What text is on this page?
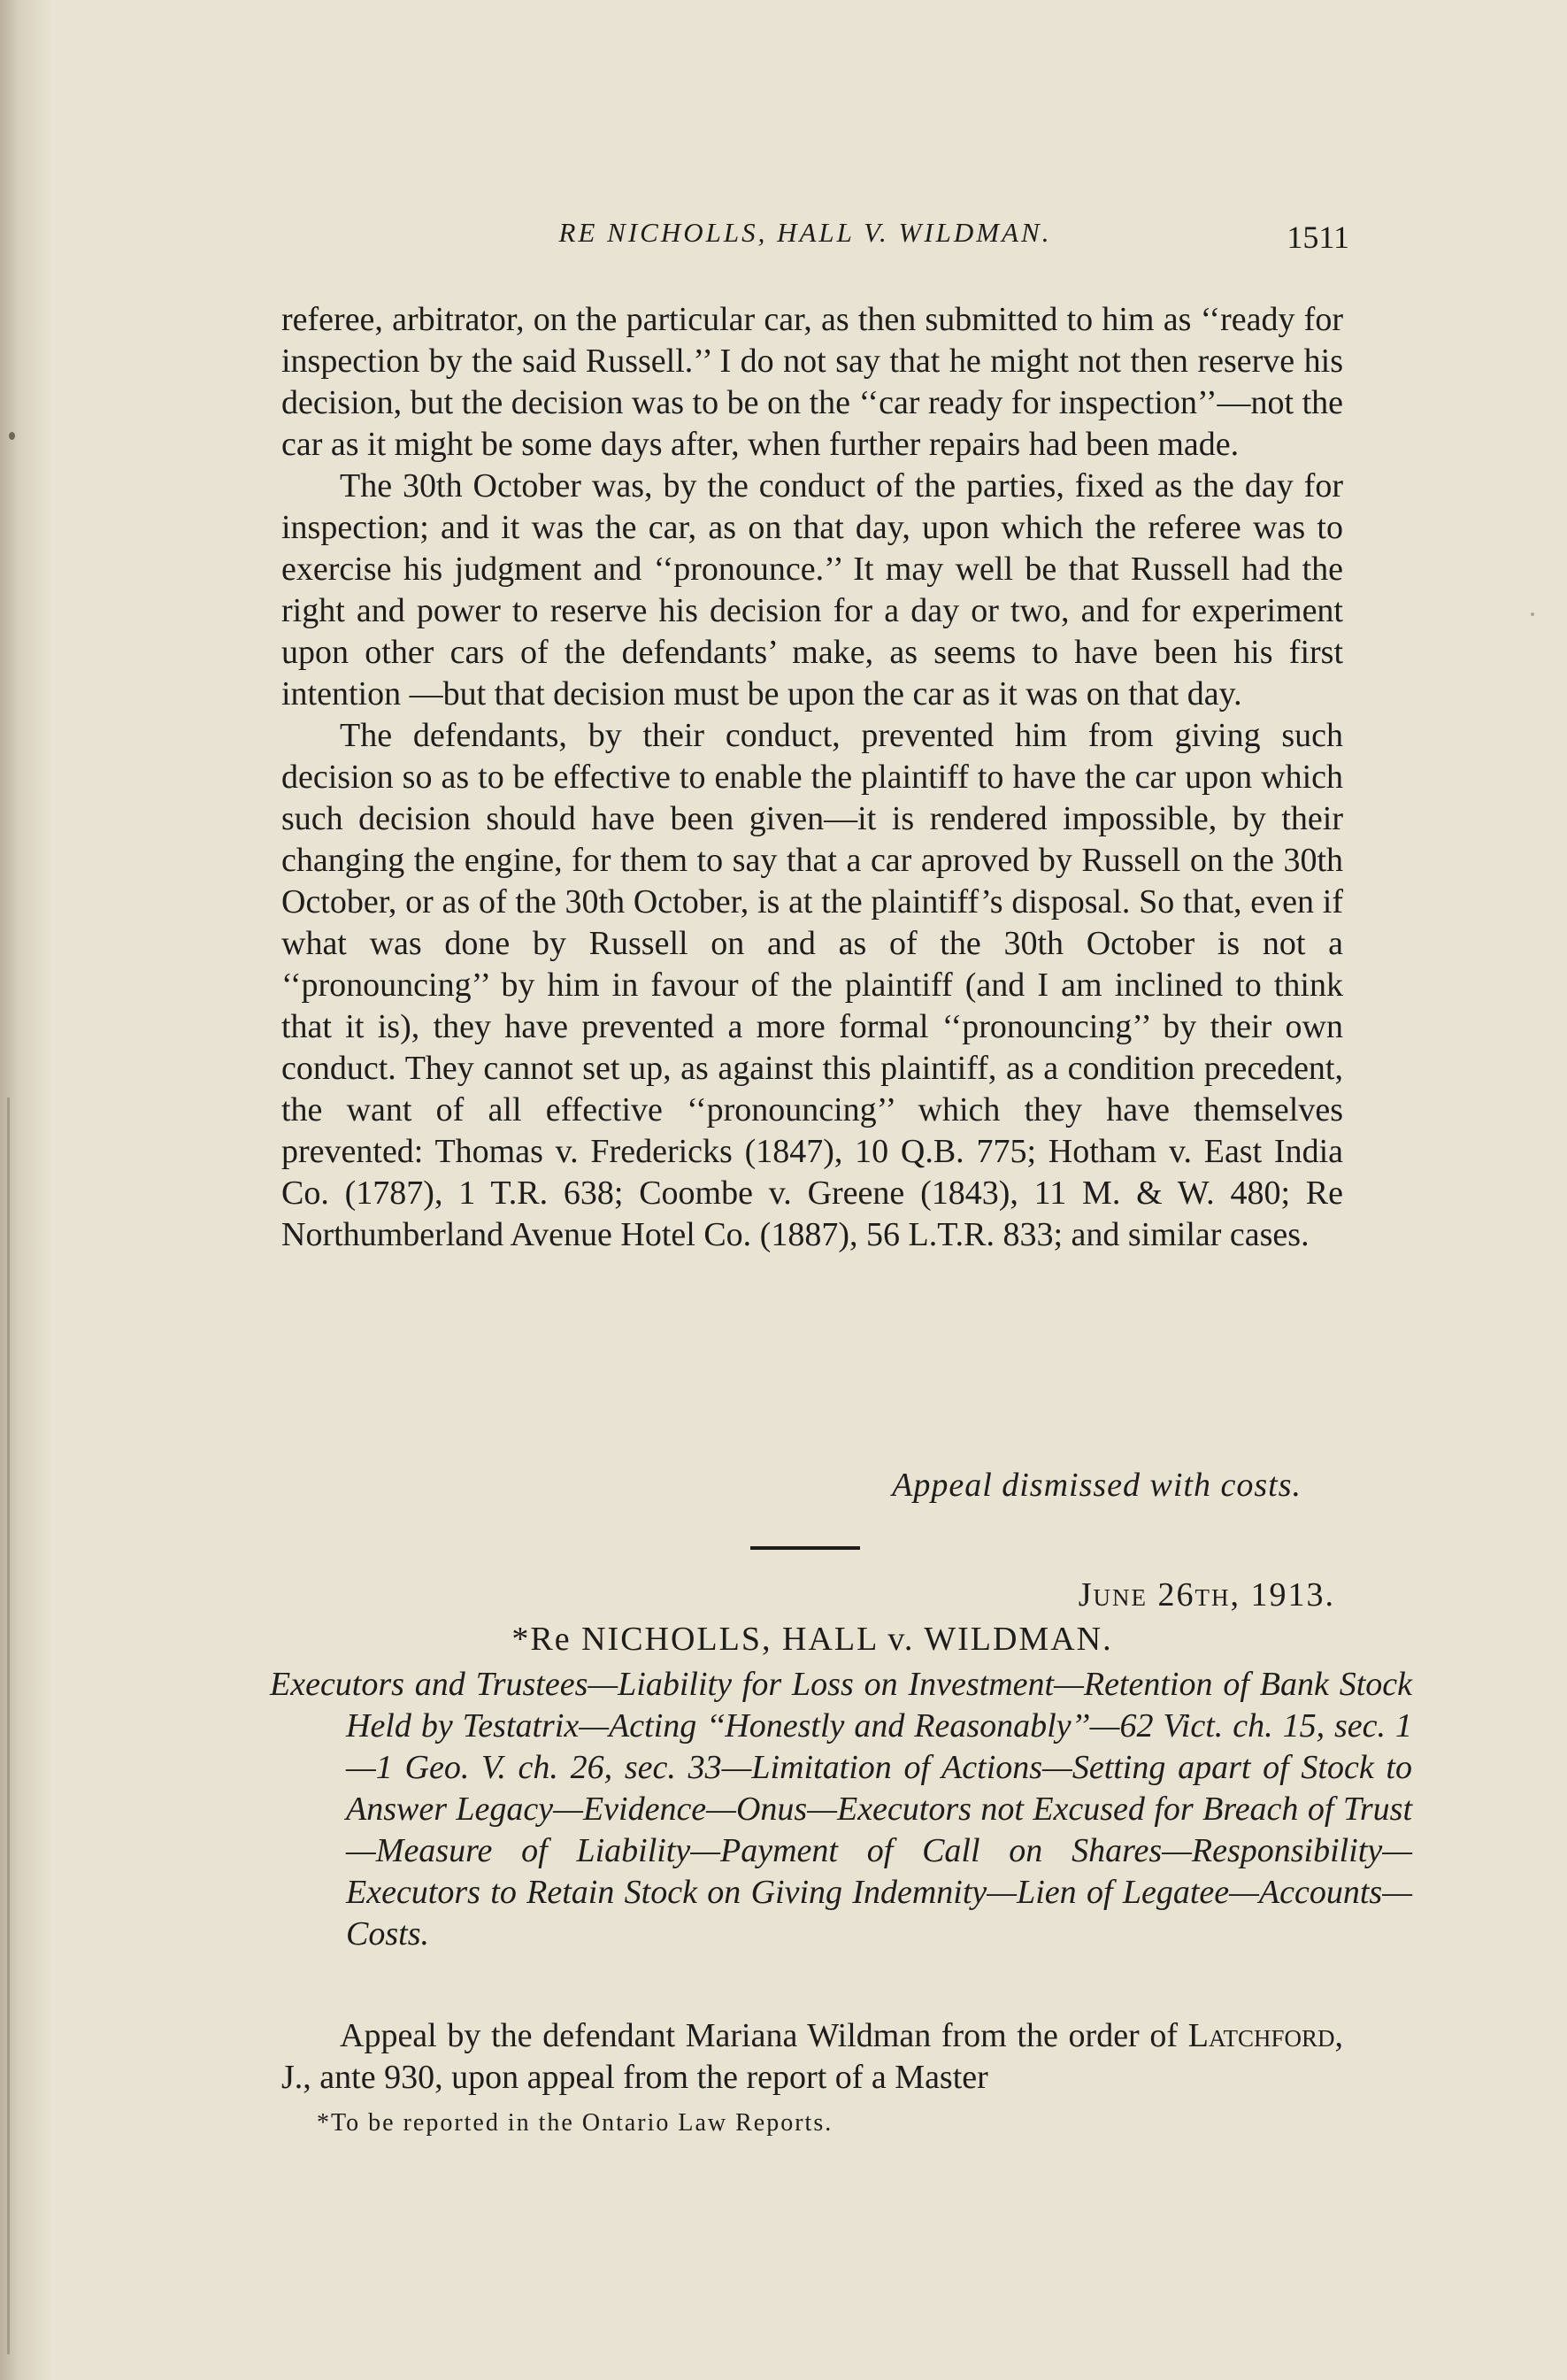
RE NICHOLLS, HALL V. WILDMAN.	1511

referee, arbitrator, on the particular car, as then submitted to him as ‘‘ready for inspection by the said Russell.’’ I do not say that he might not then reserve his decision, but the decision was to be on the ‘‘car ready for inspection’’—not the car as it might be some days after, when further repairs had been made.

The 30th October was, by the conduct of the parties, fixed as the day for inspection; and it was the car, as on that day, upon which the referee was to exercise his judgment and ‘‘pronounce.’’ It may well be that Russell had the right and power to reserve his decision for a day or two, and for experiment upon other cars of the defendants’ make, as seems to have been his first intention —but that decision must be upon the car as it was on that day.

The defendants, by their conduct, prevented him from giving such decision so as to be effective to enable the plaintiff to have the car upon which such decision should have been given—it is rendered impossible, by their changing the engine, for them to say that a car aproved by Russell on the 30th October, or as of the 30th October, is at the plaintiff’s disposal. So that, even if what was done by Russell on and as of the 30th October is not a ‘‘pronouncing’’ by him in favour of the plaintiff (and I am inclined to think that it is), they have prevented a more formal ‘‘pronouncing’’ by their own conduct. They cannot set up, as against this plaintiff, as a condition precedent, the want of all effective ‘‘pronouncing’’ which they have themselves prevented: Thomas v. Fredericks (1847), 10 Q.B. 775; Hotham v. East India Co. (1787), 1 T.R. 638; Coombe v. Greene (1843), 11 M. & W. 480; Re Northumberland Avenue Hotel Co. (1887), 56 L.T.R. 833; and similar cases.

Appeal dismissed with costs.
June 26th, 1913.
*Re NICHOLLS, HALL v. WILDMAN.
Executors and Trustees—Liability for Loss on Investment—Retention of Bank Stock Held by Testatrix—Acting ‘‘Honestly and Reasonably’’—62 Vict. ch. 15, sec. 1—1 Geo. V. ch. 26, sec. 33—Limitation of Actions—Setting apart of Stock to Answer Legacy—Evidence—Onus—Executors not Excused for Breach of Trust—Measure of Liability—Payment of Call on Shares—Responsibility—Executors to Retain Stock on Giving Indemnity—Lien of Legatee—Accounts—Costs.
Appeal by the defendant Mariana Wildman from the order of Latchford, J., ante 930, upon appeal from the report of a Master
*To be reported in the Ontario Law Reports.
